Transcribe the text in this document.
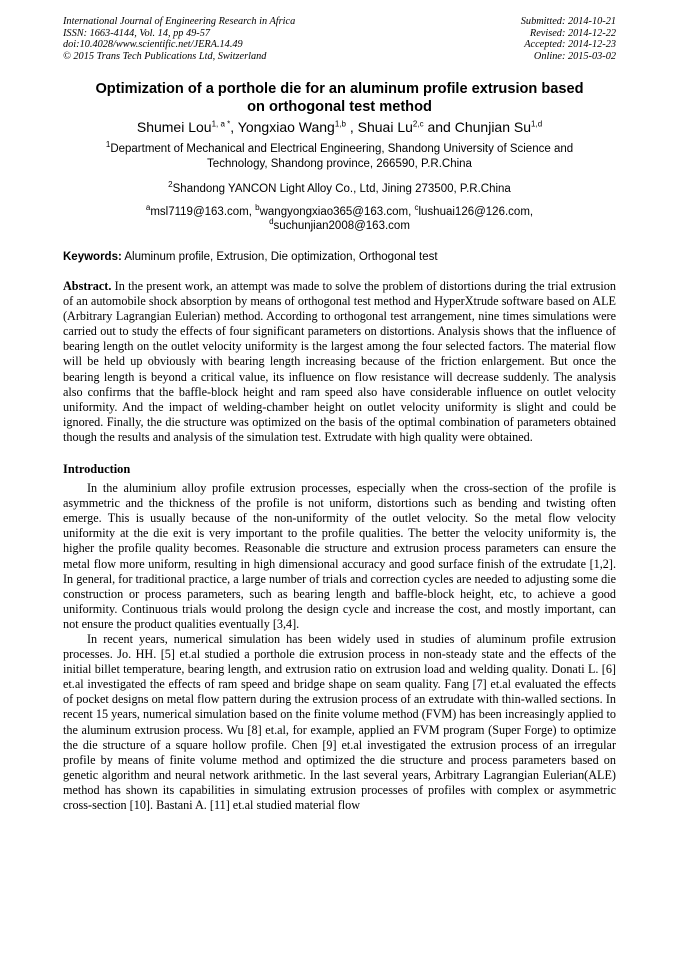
International Journal of Engineering Research in Africa
ISSN: 1663-4144, Vol. 14, pp 49-57
doi:10.4028/www.scientific.net/JERA.14.49
© 2015 Trans Tech Publications Ltd, Switzerland
Submitted: 2014-10-21
Revised: 2014-12-22
Accepted: 2014-12-23
Online: 2015-03-02
Optimization of a porthole die for an aluminum profile extrusion based
on orthogonal test method
Shumei Lou$^{1, a *}$, Yongxiao Wang$^{1,b}$ , Shuai Lu$^{2,c}$ and Chunjian Su$^{1,d}$
$^1$Department of Mechanical and Electrical Engineering, Shandong University of Science and
Technology, Shandong province, 266590, P.R.China
$^2$Shandong YANCON Light Alloy Co., Ltd, Jining 273500, P.R.China
$^a$msl7119@163.com, $^b$wangyongxiao365@163.com, $^c$lushuai126@126.com,
$^d$suchunjian2008@163.com
Keywords: Aluminum profile, Extrusion, Die optimization, Orthogonal test
Abstract. In the present work, an attempt was made to solve the problem of distortions during the trial extrusion of an automobile shock absorption by means of orthogonal test method and HyperXtrude software based on ALE (Arbitrary Lagrangian Eulerian) method. According to orthogonal test arrangement, nine times simulations were carried out to study the effects of four significant parameters on distortions. Analysis shows that the influence of bearing length on the outlet velocity uniformity is the largest among the four selected factors. The material flow will be held up obviously with bearing length increasing because of the friction enlargement. But once the bearing length is beyond a critical value, its influence on flow resistance will decrease suddenly. The analysis also confirms that the baffle-block height and ram speed also have considerable influence on outlet velocity uniformity. And the impact of welding-chamber height on outlet velocity uniformity is slight and could be ignored. Finally, the die structure was optimized on the basis of the optimal combination of parameters obtained though the results and analysis of the simulation test. Extrudate with high quality were obtained.
Introduction

In the aluminium alloy profile extrusion processes, especially when the cross-section of the profile is asymmetric and the thickness of the profile is not uniform, distortions such as bending and twisting often emerge. This is usually because of the non-uniformity of the outlet velocity. So the metal flow velocity uniformity at the die exit is very important to the profile qualities. The better the velocity uniformity is, the higher the profile quality becomes. Reasonable die structure and extrusion process parameters can ensure the metal flow more uniform, resulting in high dimensional accuracy and good surface finish of the extrudate [1,2]. In general, for traditional practice, a large number of trials and correction cycles are needed to adjusting some die construction or process parameters, such as bearing length and baffle-block height, etc, to achieve a good uniformity. Continuous trials would prolong the design cycle and increase the cost, and mostly important, can not ensure the product qualities eventually [3,4].

In recent years, numerical simulation has been widely used in studies of aluminum profile extrusion processes. Jo. HH. [5] et.al studied a porthole die extrusion process in non-steady state and the effects of the initial billet temperature, bearing length, and extrusion ratio on extrusion load and welding quality. Donati L. [6] et.al investigated the effects of ram speed and bridge shape on seam quality. Fang [7] et.al evaluated the effects of pocket designs on metal flow pattern during the extrusion process of an extrudate with thin-walled sections. In recent 15 years, numerical simulation based on the finite volume method (FVM) has been increasingly applied to the aluminum extrusion process. Wu [8] et.al, for example, applied an FVM program (Super Forge) to optimize the die structure of a square hollow profile. Chen [9] et.al investigated the extrusion process of an irregular profile by means of finite volume method and optimized the die structure and process parameters based on genetic algorithm and neural network arithmetic. In the last several years, Arbitrary Lagrangian Eulerian(ALE) method has shown its capabilities in simulating extrusion processes of profiles with complex or asymmetric cross-section [10]. Bastani A. [11] et.al studied material flow
